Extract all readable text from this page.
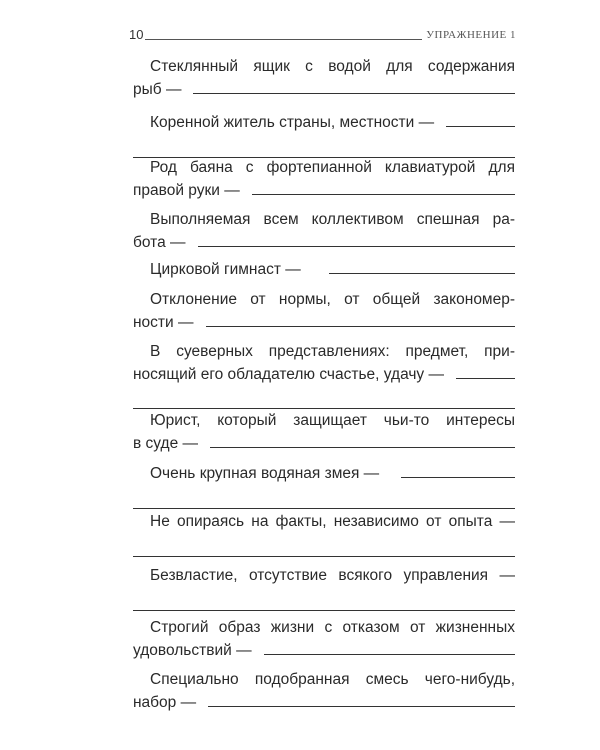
10	УПРАЖНЕНИЕ 1
Стеклянный ящик с водой для содержания
рыб —
Коренной житель страны, местности —
Род баяна с фортепианной клавиатурой для
правой руки —
Выполняемая всем коллективом спешная ра-
бота —
Цирковой гимнаст —
Отклонение от нормы, от общей закономер-
ности —
В суеверных представлениях: предмет, при-
носящий его обладателю счастье, удачу —
Юрист, который защищает чьи-то интересы
в суде —
Очень крупная водяная змея —
Не опираясь на факты, независимо от опыта —
Безвластие, отсутствие всякого управления —
Строгий образ жизни с отказом от жизненных
удовольствий —
Специально подобранная смесь чего-нибудь,
набор —
